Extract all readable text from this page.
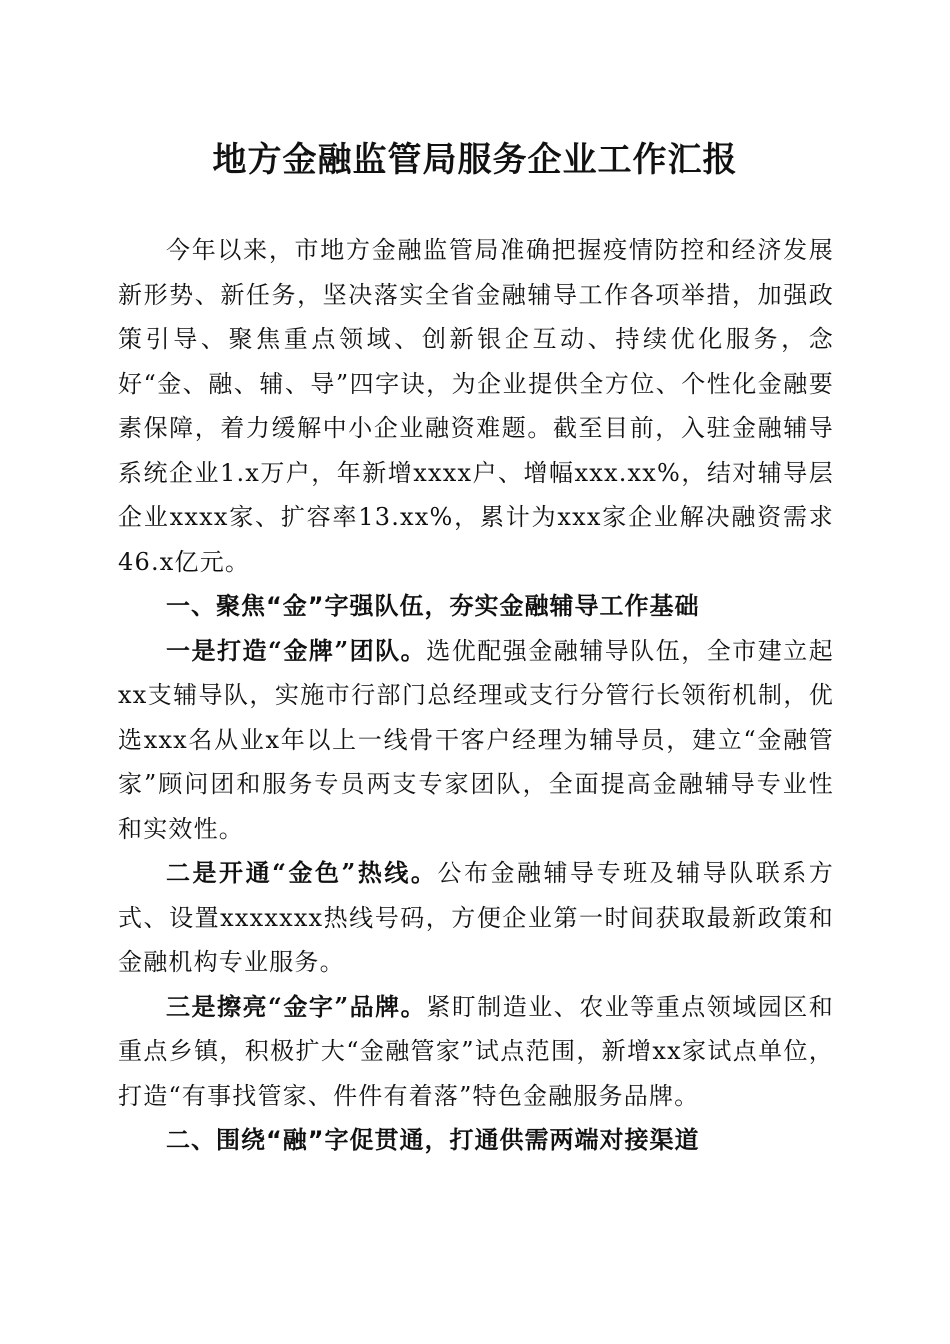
地方金融监管局服务企业工作汇报

今年以来，市地方金融监管局准确把握疫情防控和经济发展新形势、新任务，坚决落实全省金融辅导工作各项举措，加强政策引导、聚焦重点领域、创新银企互动、持续优化服务，念好“金、融、辅、导”四字诀，为企业提供全方位、个性化金融要素保障，着力缓解中小企业融资难题。截至目前，入驻金融辅导系统企业1.x万户，年新增xxxx户、增幅xxx.xx%，结对辅导层企业xxxx家、扩容率13.xx%，累计为xxx家企业解决融资需求46.x亿元。

一、聚焦“金”字强队伍，夯实金融辅导工作基础

一是打造“金牌”团队。选优配强金融辅导队伍，全市建立起xx支辅导队，实施市行部门总经理或支行分管行长领衔机制，优选xxx名从业x年以上一线骨干客户经理为辅导员，建立“金融管家”顾问团和服务专员两支专家团队，全面提高金融辅导专业性和实效性。

二是开通“金色”热线。公布金融辅导专班及辅导队联系方式、设置xxxxxxx热线号码，方便企业第一时间获取最新政策和金融机构专业服务。

三是擦亮“金字”品牌。紧盯制造业、农业等重点领域园区和重点乡镇，积极扩大“金融管家”试点范围，新增xx家试点单位，打造“有事找管家、件件有着落”特色金融服务品牌。

二、围绕“融”字促贯通，打通供需两端对接渠道
